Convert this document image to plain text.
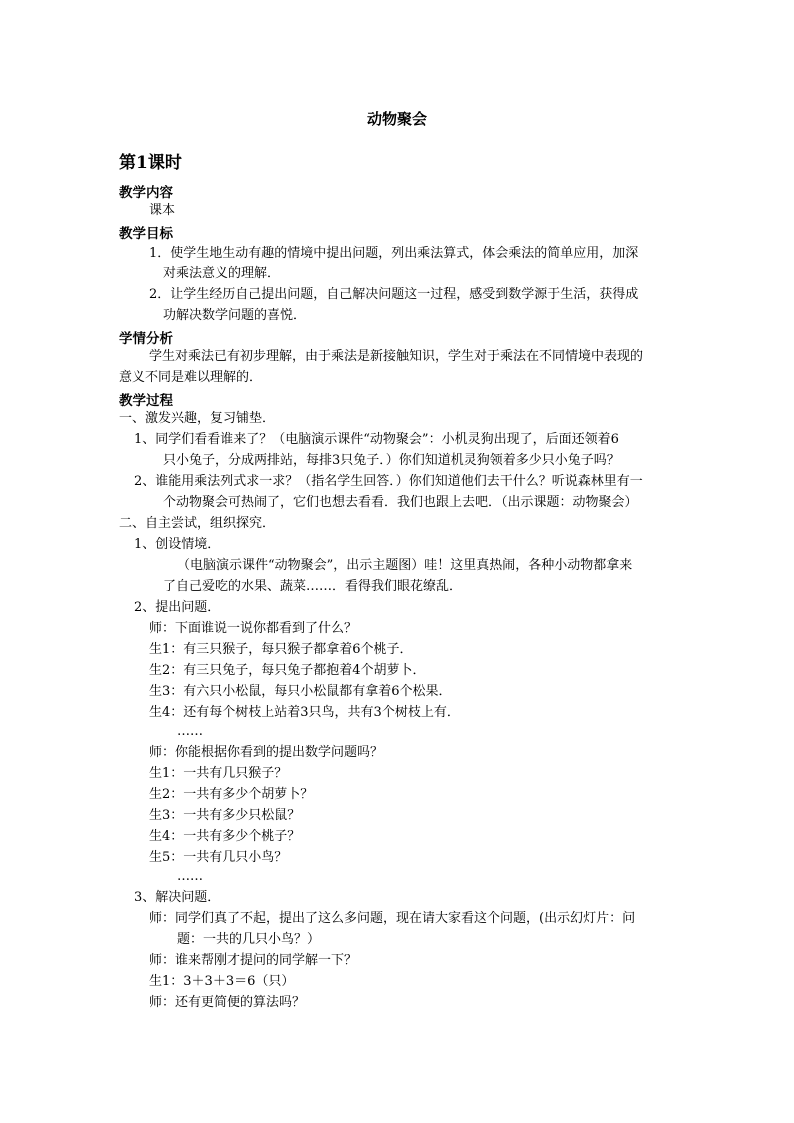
动物聚会
第1课时
教学内容
课本
教学目标
1．使学生地生动有趣的情境中提出问题，列出乘法算式，体会乘法的简单应用，加深
对乘法意义的理解．
2．让学生经历自己提出问题，自己解决问题这一过程，感受到数学源于生活，获得成
功解决数学问题的喜悦．
学情分析
学生对乘法已有初步理解，由于乘法是新接触知识，学生对于乘法在不同情境中表现的
意义不同是难以理解的．
教学过程
一、激发兴趣，复习铺垫．
1、同学们看看谁来了？（电脑演示课件“动物聚会”：小机灵狗出现了，后面还领着6
只小兔子，分成两排站，每排3只兔子．）你们知道机灵狗领着多少只小兔子吗？
2、谁能用乘法列式求一求？（指名学生回答．）你们知道他们去干什么？听说森林里有一
个动物聚会可热闹了，它们也想去看看．我们也跟上去吧．（出示课题：动物聚会）
二、自主尝试，组织探究．
1、创设情境．
（电脑演示课件“动物聚会”，出示主题图）哇！这里真热闹，各种小动物都拿来
了自己爱吃的水果、蔬菜……．看得我们眼花缭乱．
2、提出问题．
师：下面谁说一说你都看到了什么？
生1：有三只猴子，每只猴子都拿着6个桃子．
生2：有三只兔子，每只兔子都抱着4个胡萝卜．
生3：有六只小松鼠，每只小松鼠都有拿着6个松果．
生4：还有每个树枝上站着3只鸟，共有3个树枝上有．
……
师：你能根据你看到的提出数学问题吗？
生1：一共有几只猴子？
生2：一共有多少个胡萝卜？
生3：一共有多少只松鼠？
生4：一共有多少个桃子？
生5：一共有几只小鸟？
……
3、解决问题．
师：同学们真了不起，提出了这么多问题，现在请大家看这个问题，(出示幻灯片：问
题：一共的几只小鸟？）
师：谁来帮刚才提问的同学解一下？
生1：3＋3＋3＝6（只）
师：还有更简便的算法吗？
